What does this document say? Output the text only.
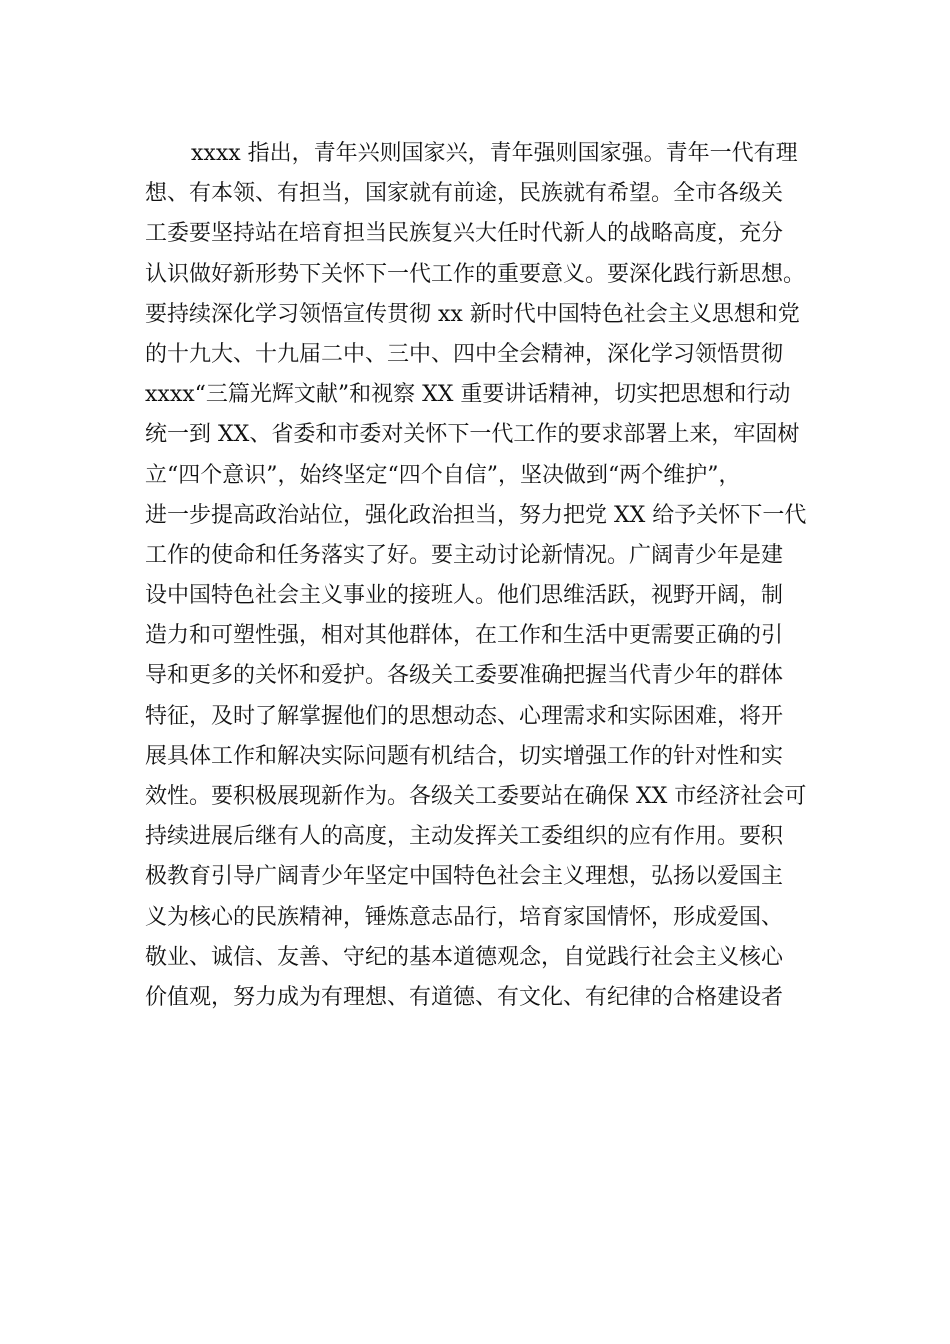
xxxx 指出，青年兴则国家兴，青年强则国家强。青年一代有理
想、有本领、有担当，国家就有前途，民族就有希望。全市各级关
工委要坚持站在培育担当民族复兴大任时代新人的战略高度，充分
认识做好新形势下关怀下一代工作的重要意义。要深化践行新思想。
要持续深化学习领悟宣传贯彻 xx 新时代中国特色社会主义思想和党
的十九大、十九届二中、三中、四中全会精神，深化学习领悟贯彻
xxxx“三篇光辉文献”和视察 XX 重要讲话精神，切实把思想和行动
统一到 XX、省委和市委对关怀下一代工作的要求部署上来，牢固树
立“四个意识”，始终坚定“四个自信”，坚决做到“两个维护”，
进一步提高政治站位，强化政治担当，努力把党 XX 给予关怀下一代
工作的使命和任务落实了好。要主动讨论新情况。广阔青少年是建
设中国特色社会主义事业的接班人。他们思维活跃，视野开阔，制
造力和可塑性强，相对其他群体，在工作和生活中更需要正确的引
导和更多的关怀和爱护。各级关工委要准确把握当代青少年的群体
特征，及时了解掌握他们的思想动态、心理需求和实际困难，将开
展具体工作和解决实际问题有机结合，切实增强工作的针对性和实
效性。要积极展现新作为。各级关工委要站在确保 XX 市经济社会可
持续进展后继有人的高度，主动发挥关工委组织的应有作用。要积
极教育引导广阔青少年坚定中国特色社会主义理想，弘扬以爱国主
义为核心的民族精神，锤炼意志品行，培育家国情怀，形成爱国、
敬业、诚信、友善、守纪的基本道德观念，自觉践行社会主义核心
价值观，努力成为有理想、有道德、有文化、有纪律的合格建设者
